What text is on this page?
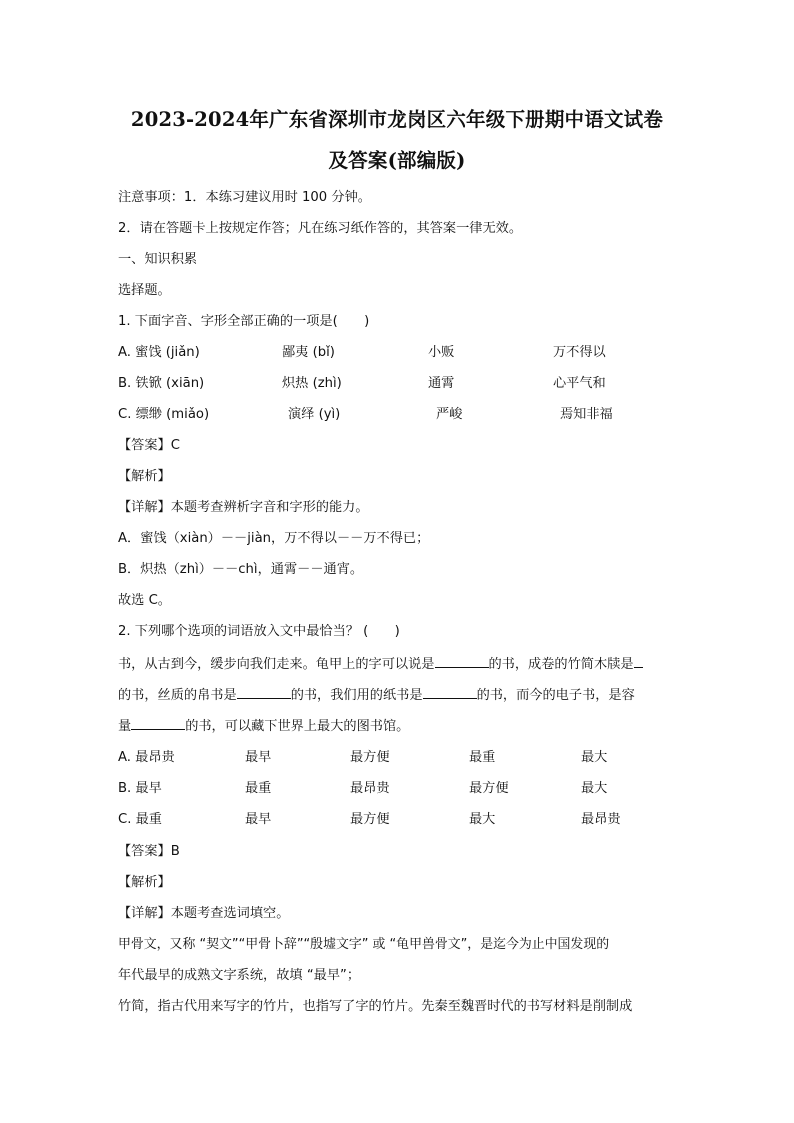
2023-2024年广东省深圳市龙岗区六年级下册期中语文试卷
及答案(部编版)
注意事项：1．本练习建议用时 100 分钟。
2．请在答题卡上按规定作答；凡在练习纸作答的，其答案一律无效。
一、知识积累
选择题。
1. 下面字音、字形全部正确的一项是(　　)
A. 蜜饯 (jiǎn)	鄙夷 (bǐ)	小贩	万不得以
B. 铁锨 (xiān)	炽热 (zhì)	通霄	心平气和
C. 缥缈 (miǎo)	演绎 (yì)	严峻	焉知非福
【答案】C
【解析】
【详解】本题考查辨析字音和字形的能力。
A．蜜饯（xiàn）－－jiàn，万不得以－－万不得已；
B．炽热（zhì）－－chì，通霄－－通宵。
故选 C。
2. 下列哪个选项的词语放入文中最恰当？ (　　)
书，从古到今，缓步向我们走来。龟甲上的字可以说是	的书，成卷的竹简木牍是
的书，丝质的帛书是	的书，我们用的纸书是	的书，而今的电子书，是容
量	的书，可以藏下世界上最大的图书馆。
A. 最昂贵	最早	最方便	最重	最大
B. 最早	最重	最昂贵	最方便	最大
C. 最重	最早	最方便	最大	最昂贵
【答案】B
【解析】
【详解】本题考查选词填空。
甲骨文，又称 “契文”“甲骨卜辞”“殷墟文字” 或 “龟甲兽骨文”，是迄今为止中国发现的
年代最早的成熟文字系统，故填 “最早”；
竹简，指古代用来写字的竹片，也指写了字的竹片。先秦至魏晋时代的书写材料是削制成
